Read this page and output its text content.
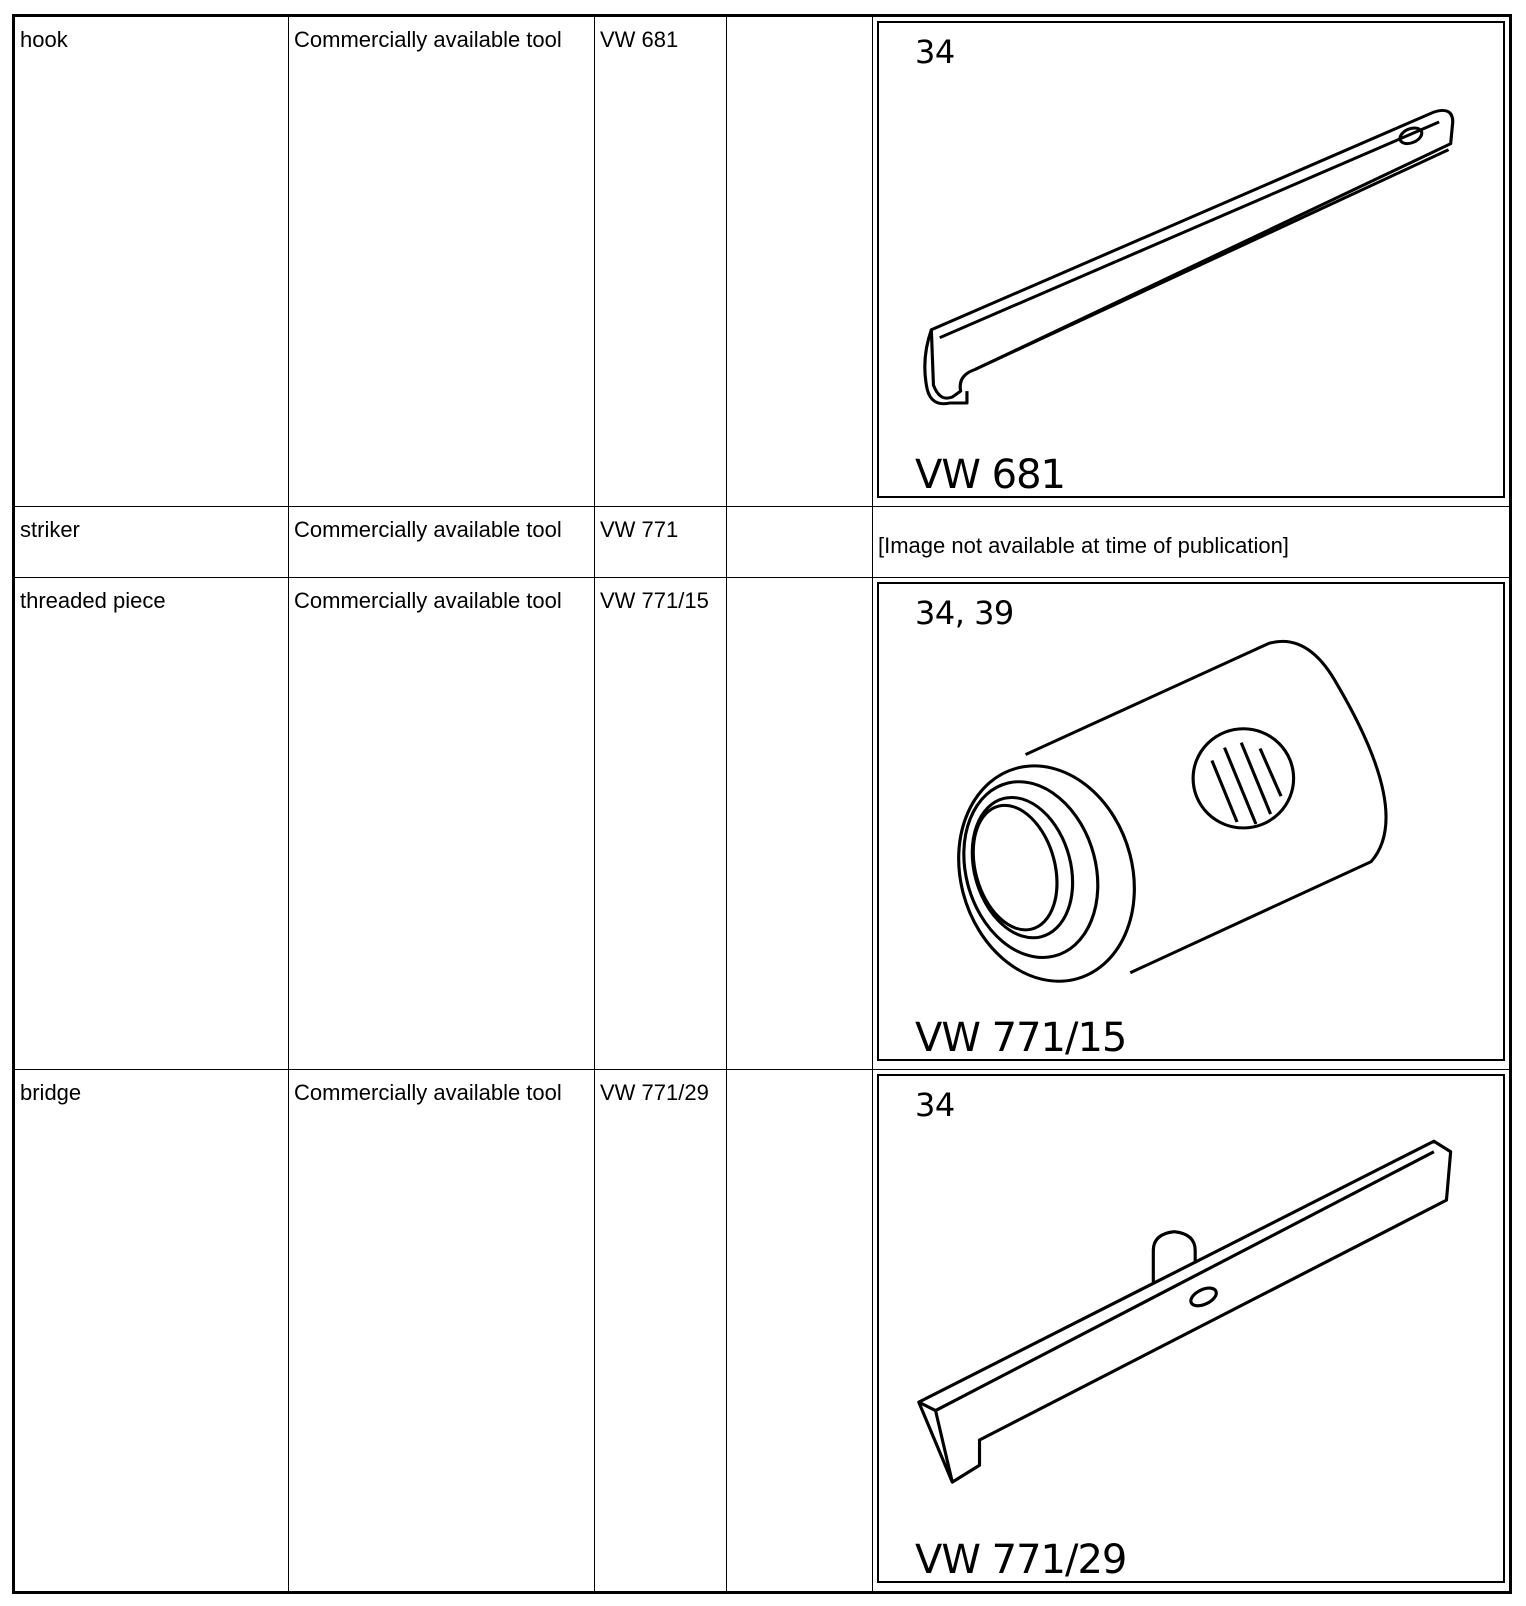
hook	Commercially available tool	VW 681		34
VW 681

striker	Commercially available tool	VW 771		[Image not available at time of publication]

threaded piece	Commercially available tool	VW 771/15		34, 39
VW 771/15

bridge	Commercially available tool	VW 771/29		34
VW 771/29
